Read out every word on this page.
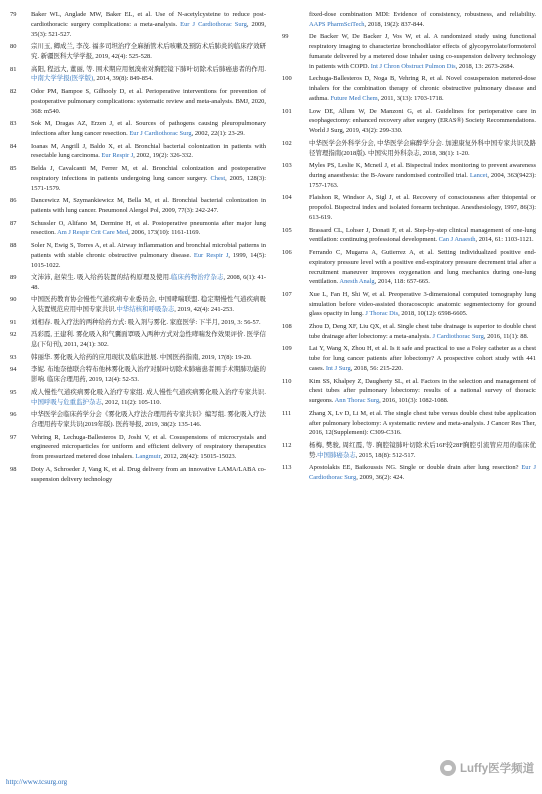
79	Baker WL, Anglade MW, Baker EL, et al. Use of N-acetylcysteine to reduce post-cardiothoracic surgery complications: a meta-analysis. Eur J Cardiothorac Surg, 2009, 35(3): 521-527.
80	宗川玉, 卿成兰, 李茂. 福多司坦治疗全麻插管术后咳嗽及预防术后肺炎的临床疗效研究. 新疆医科大学学报, 2019, 42(4): 525-528.
81	高阳, 程远大, 董丽, 等. 围术期应用氨溴索对胸腔镜下肺叶切除术后肺癌患者的作用.中南大学学报(医学版), 2014, 39(8): 849-854.
82	Odor PM, Bampoe S, Gilhooly D, et al. Perioperative interventions for prevention of postoperative pulmonary complications: systematic review and meta-analysis. BMJ, 2020, 368: m540.
83	Sok M, Dragas AZ, Erzen J, et al. Sources of pathogens causing pleuropulmonary infections after lung cancer resection. Eur J Cardiothorac Surg, 2002, 22(1): 23-29.
84	Ioanas M, Angrill J, Baldo X, et al. Bronchial bacterial colonization in patients with resectable lung carcinoma. Eur Respir J, 2002, 19(2): 326-332.
85	Belda J, Cavalcanti M, Ferrer M, et al. Bronchial colonization and postoperative respiratory infections in patients undergoing lung cancer surgery. Chest, 2005, 128(3): 1571-1579.
86	Dancewicz M, Szymankiewicz M, Bella M, et al. Bronchial bacterial colonization in patients with lung cancer. Pneumonol Alergol Pol, 2009, 77(3): 242-247.
87	Schussler O, Alifano M, Dermine H, et al. Postoperative pneumonia after major lung resection. Am J Respir Crit Care Med, 2006, 173(10): 1161-1169.
88	Soler N, Ewig S, Torres A, et al. Airway inflammation and bronchial microbial patterns in patients with stable chronic obstructive pulmonary disease. Eur Respir J, 1999, 14(5): 1015-1022.
89	文沛沛, 赵荣生. 吸入给药装置的结构原理及使用.临床药物治疗杂志, 2008, 6(1): 41-48.
90	中国医药教育协会慢性气道疾病专业委员会, 中国哮喘联盟. 稳定期慢性气道疾病吸入装置规范应用中国专家共识.中华结核和呼吸杂志, 2019, 42(4): 241-253.
91	刘相春. 吸入疗法的两种给药方式: 吸入剂与雾化. 家庭医学: 下半月, 2019, 3: 56-57.
92	冯彩霞, 王建利. 雾化吸入和气囊面罩吸入两种方式对急性哮喘发作效果评价. 医学信息(下旬刊), 2011, 24(1): 302.
93	韩丽华. 雾化吸入给药的应用现状及临床进展. 中国医药指南, 2019, 17(8): 19-20.
94	李妮. 布地奈德联合特布他林雾化吸入治疗对肺叶切除术肺癌患者围手术期肺功能的影响. 临床合理用药, 2019, 12(4): 52-53.
95	成人慢性气道疾病雾化吸入治疗专家组. 成人慢性气道疾病雾化吸入治疗专家共识.中国呼吸与危重监护杂志, 2012, 11(2): 105-110.
96	中华医学会临床药学分会《雾化吸入疗法合理用药专家共识》编写组. 雾化吸入疗法合理用药专家共识(2019年版). 医药导报, 2019, 38(2): 135-146.
97	Vehring R, Lechuga-Ballesteros D, Joshi V, et al. Cosuspensions of microcrystals and engineered microparticles for uniform and efficient delivery of respiratory therapeutics from pressurized metered dose inhalers. Langmuir, 2012, 28(42): 15015-15023.
98	Doty A, Schroeder J, Vang K, et al. Drug delivery from an innovative LAMA/LABA co-suspension delivery technology
fixed-dose combination MDI: Evidence of consistency, robustness, and reliability. AAPS PharmSciTech, 2018, 19(2): 837-844.
99	De Backer W, De Backer J, Vos W, et al. A randomized study using functional respiratory imaging to characterize bronchodilator effects of glycopyrrolate/formoterol fumarate delivered by a metered dose inhaler using co-suspension delivery technology in patients with COPD. Int J Chron Obstruct Pulmon Dis, 2018, 13: 2673-2684.
100	Lechuga-Ballesteros D, Noga B, Vehring R, et al. Novel cosuspension metered-dose inhalers for the combination therapy of chronic obstructive pulmonary disease and asthma. Future Med Chem, 2011, 3(13): 1703-1718.
101	Low DE, Allum W, De Manzoni G, et al. Guidelines for perioperative care in esophagectomy: enhanced recovery after surgery (ERAS®) Society Recommendations. World J Surg, 2019, 43(2): 299-330.
102	中华医学会外科学分会, 中华医学会麻醉学分会. 加速康复外科中国专家共识及路径管理指南(2018版). 中国实用外科杂志, 2018, 38(1): 1-20.
103	Myles PS, Leslie K, Mcneil J, et al. Bispectral index monitoring to prevent awareness during anaesthesia: the B-Aware randomised controlled trial. Lancet, 2004, 363(9423): 1757-1763.
104	Flaishon R, Windsor A, Sigl J, et al. Recovery of consciousness after thiopental or propofol. Bispectral index and isolated forearm technique. Anesthesiology, 1997, 86(3): 613-619.
105	Brassard CL, Lohser J, Donati F, et al. Step-by-step clinical management of one-lung ventilation: continuing professional development. Can J Anaesth, 2014, 61: 1103-1121.
106	Ferrando C, Mugarra A, Gutierrez A, et al. Setting individualized positive end-expiratory pressure level with a positive end-expiratory pressure decrement trial after a recruitment maneuver improves oxygenation and lung mechanics during one-lung ventilation. Anesth Analg, 2014, 118: 657-665.
107	Xue L, Fan H, Shi W, et al. Preoperative 3-dimensional computed tomography lung simulation before video-assisted thoracoscopic anatomic segmentectomy for ground glass opacity in lung. J Thorac Dis, 2018, 10(12): 6598-6605.
108	Zhou D, Deng XF, Liu QX, et al. Single chest tube drainage is superior to double chest tube drainage after lobectomy: a meta-analysis. J Cardiothorac Surg, 2016, 11(1): 88.
109	Lai Y, Wang X, Zhou H, et al. Is it safe and practical to use a Foley catheter as a chest tube for lung cancer patients after lobectomy? A prospective cohort study with 441 cases. Int J Surg, 2018, 56: 215-220.
110	Kim SS, Khalpey Z, Daugherty SL, et al. Factors in the selection and management of chest tubes after pulmonary lobectomy: results of a national survey of thoracic surgeons. Ann Thorac Surg, 2016, 101(3): 1082-1088.
111	Zhang X, Lv D, Li M, et al. The single chest tube versus double chest tube application after pulmonary lobectomy: A systematic review and meta-analysis. J Cancer Res Ther, 2016, 12(Supplement): C309-C316.
112	杨梅, 樊骏, 周红霞, 等. 胸腔镜肺叶切除术后16F较28F胸腔引流管应用的临床优势.中国肺癌杂志, 2015, 18(8): 512-517.
113	Apostolakis EE, Baikoussis NG. Single or double drain after lung resection? Eur J Cardiothorac Surg, 2009, 36(2): 424.
http://www.tcsurg.org
Luffy医学频道
